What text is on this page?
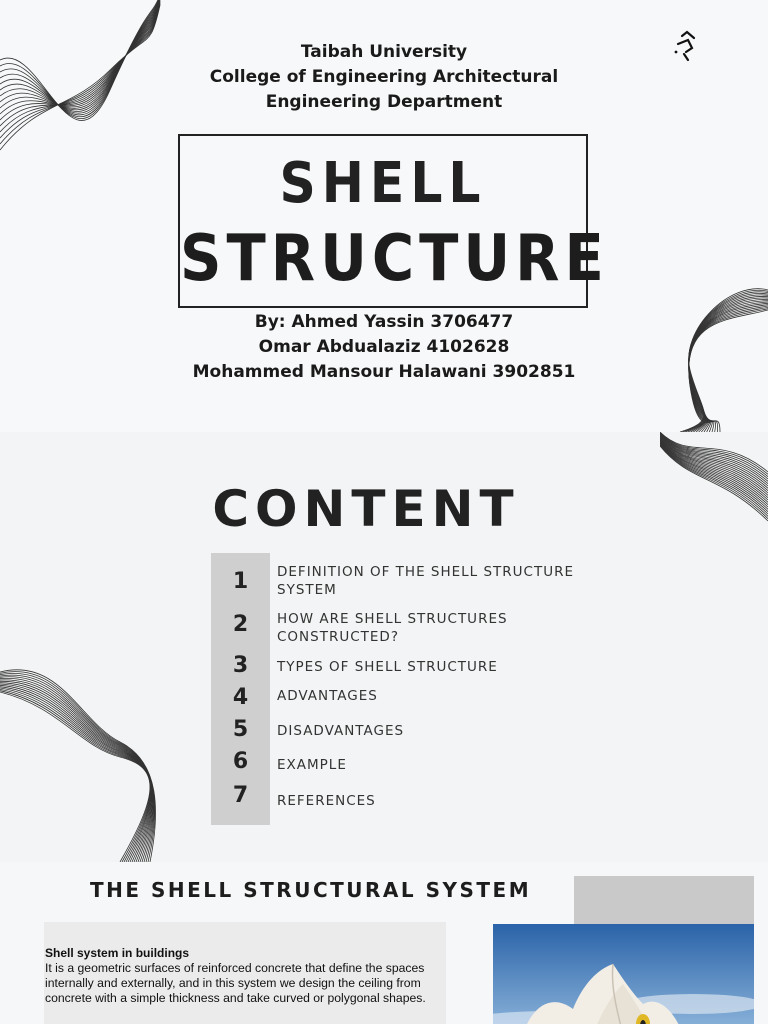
Taibah University
College of Engineering Architectural
Engineering Department
SHELL
STRUCTURE
By: Ahmed Yassin 3706477
Omar Abdualaziz 4102628
Mohammed Mansour Halawani 3902851
CONTENT
1	DEFINITION OF THE SHELL STRUCTURE SYSTEM
2	HOW ARE SHELL STRUCTURES CONSTRUCTED?
3	TYPES OF SHELL STRUCTURE
4	ADVANTAGES
5	DISADVANTAGES
6	EXAMPLE
7	REFERENCES
THE SHELL STRUCTURAL SYSTEM
Shell system in buildings
It is a geometric surfaces of reinforced concrete that define the spaces internally and externally, and in this system we design the ceiling from concrete with a simple thickness and take curved or polygonal shapes.
